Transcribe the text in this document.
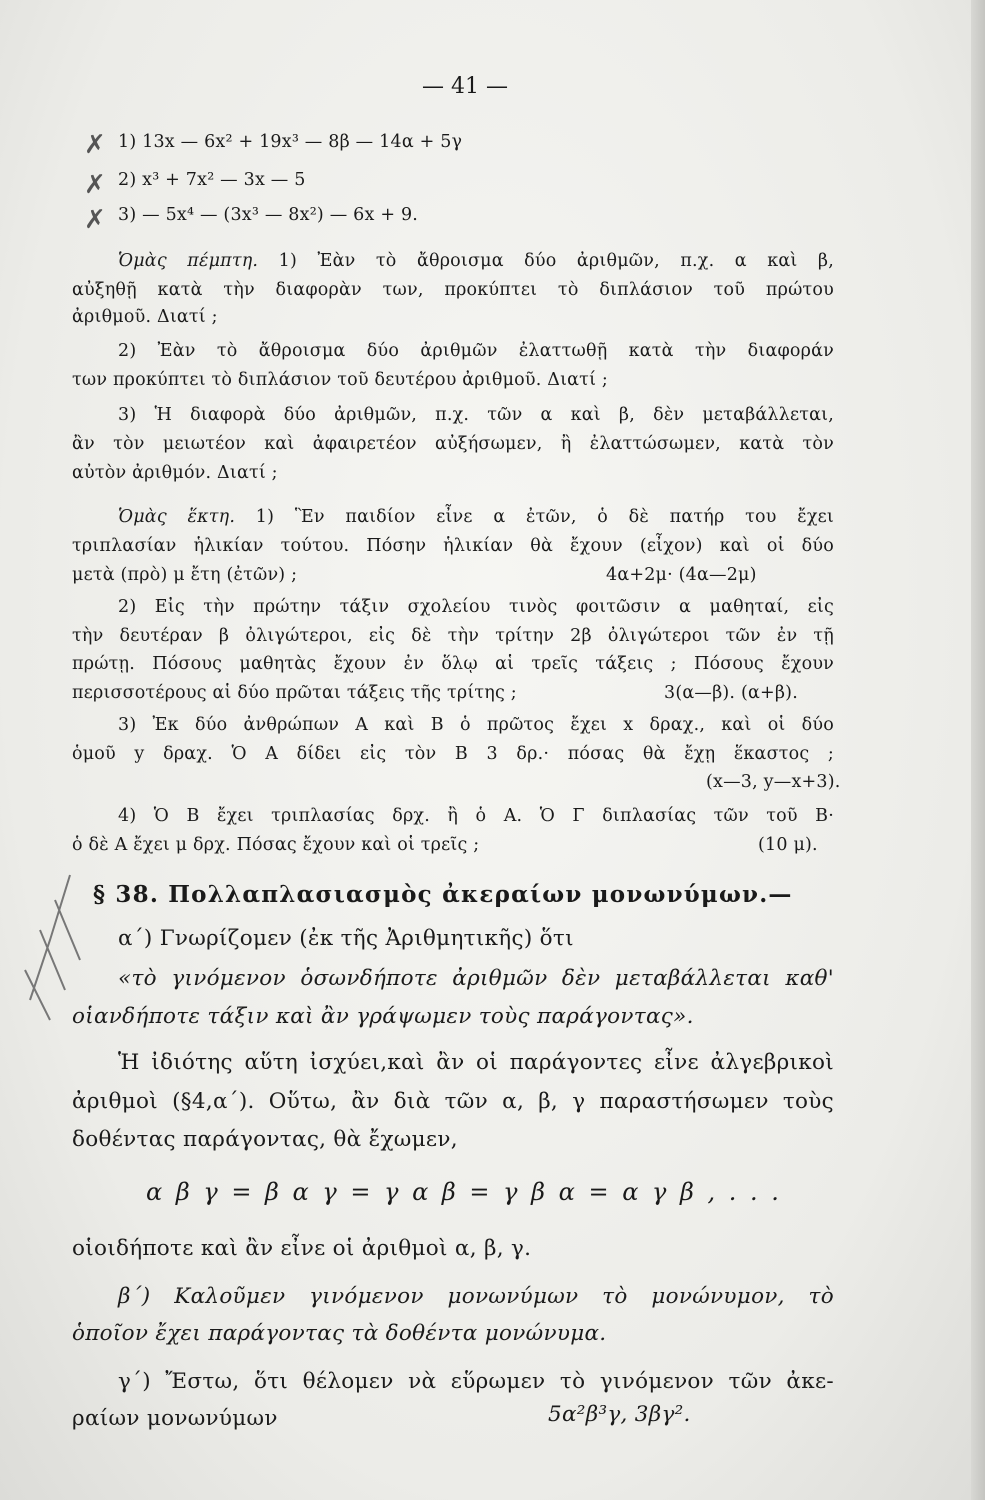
✗
✗
✗
— 41 —
1) 13x — 6x² + 19x³ — 8β — 14α + 5γ
2) x³ + 7x² — 3x — 5
3) — 5x⁴ — (3x³ — 8x²) — 6x + 9.
Ὁμὰς πέμπτη. 1) Ἐὰν τὸ ἄθροισμα δύο ἀριθμῶν, π.χ. α καὶ β,
αὐξηθῇ κατὰ τὴν διαφορὰν των, προκύπτει τὸ διπλάσιον τοῦ πρώτου
ἀριθμοῦ. Διατί ;
2) Ἐὰν τὸ ἄθροισμα δύο ἀριθμῶν ἐλαττωθῇ κατὰ τὴν διαφοράν
των προκύπτει τὸ διπλάσιον τοῦ δευτέρου ἀριθμοῦ. Διατί ;
3) Ἡ διαφορὰ δύο ἀριθμῶν, π.χ. τῶν α καὶ β, δὲν μεταβάλλεται,
ἂν τὸν μειωτέον καὶ ἀφαιρετέον αὐξήσωμεν, ἢ ἐλαττώσωμεν, κατὰ τὸν
αὐτὸν ἀριθμόν. Διατί ;
Ὁμὰς ἕκτη. 1) Ἓν παιδίον εἶνε α ἐτῶν, ὁ δὲ πατήρ του ἔχει
τριπλασίαν ἡλικίαν τούτου. Πόσην ἡλικίαν θὰ ἔχουν (εἶχον) καὶ οἱ δύο
μετὰ (πρὸ) μ ἔτη (ἐτῶν) ;	4α+2μ· (4α—2μ)
2) Εἰς τὴν πρώτην τάξιν σχολείου τινὸς φοιτῶσιν α μαθηταί, εἰς
τὴν δευτέραν β ὀλιγώτεροι, εἰς δὲ τὴν τρίτην 2β ὀλιγώτεροι τῶν ἐν τῇ
πρώτῃ. Πόσους μαθητὰς ἔχουν ἐν ὅλῳ αἱ τρεῖς τάξεις ; Πόσους ἔχουν
περισσοτέρους αἱ δύο πρῶται τάξεις τῆς τρίτης ;	3(α—β). (α+β).
3) Ἐκ δύο ἀνθρώπων Α καὶ Β ὁ πρῶτος ἔχει x δραχ., καὶ οἱ δύο
ὁμοῦ y δραχ. Ὁ Α δίδει εἰς τὸν Β 3 δρ.· πόσας θὰ ἔχῃ ἕκαστος ;
(x—3, y—x+3).
4) Ὁ Β ἔχει τριπλασίας δρχ. ἢ ὁ Α. Ὁ Γ διπλασίας τῶν τοῦ Β·
ὁ δὲ Α ἔχει μ δρχ. Πόσας ἔχουν καὶ οἱ τρεῖς ;	(10 μ).
§ 38. Πολλαπλασιασμὸς ἀκεραίων μονωνύμων.—
α΄) Γνωρίζομεν (ἐκ τῆς Ἀριθμητικῆς) ὅτι
«τὸ γινόμενον ὁσωνδήποτε ἀριθμῶν δὲν μεταβάλλεται καθ'
οἱανδήποτε τάξιν καὶ ἂν γράψωμεν τοὺς παράγοντας».
Ἡ ἰδιότης αὕτη ἰσχύει,καὶ ἂν οἱ παράγοντες εἶνε ἀλγεβρικοὶ
ἀριθμοὶ (§4,α΄). Οὕτω, ἂν διὰ τῶν α, β, γ παραστήσωμεν τοὺς
δοθέντας παράγοντας, θὰ ἔχωμεν,
α β γ = β α γ = γ α β = γ β α = α γ β , . . .
οἱοιδήποτε καὶ ἂν εἶνε οἱ ἀριθμοὶ α, β, γ.
β΄) Καλοῦμεν γινόμενον μονωνύμων τὸ μονώνυμον, τὸ
ὁποῖον ἔχει παράγοντας τὰ δοθέντα μονώνυμα.
γ΄) Ἔστω, ὅτι θέλομεν νὰ εὕρωμεν τὸ γινόμενον τῶν ἀκε-
ραίων μονωνύμων	5α²β³γ, 3βγ².
